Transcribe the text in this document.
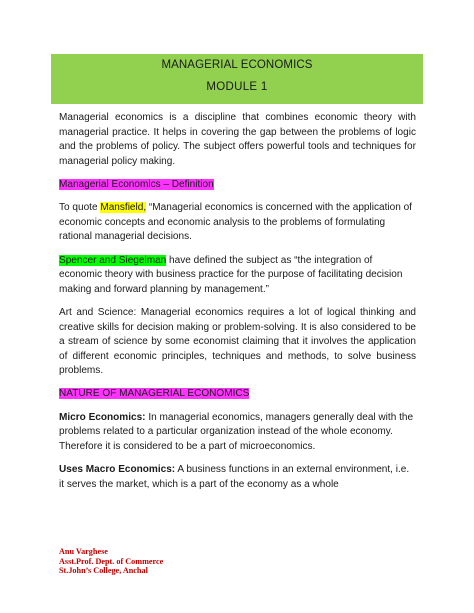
MANAGERIAL ECONOMICS
MODULE 1

Managerial economics is a discipline that combines economic theory with managerial practice. It helps in covering the gap between the problems of logic and the problems of policy. The subject offers powerful tools and techniques for managerial policy making.

Managerial Economics – Definition

To quote Mansfield, “Managerial economics is concerned with the application of economic concepts and economic analysis to the problems of formulating rational managerial decisions.

Spencer and Siegelman have defined the subject as “the integration of economic theory with business practice for the purpose of facilitating decision making and forward planning by management.”

Art and Science: Managerial economics requires a lot of logical thinking and creative skills for decision making or problem-solving. It is also considered to be a stream of science by some economist claiming that it involves the application of different economic principles, techniques and methods, to solve business problems.

NATURE OF MANAGERIAL ECONOMICS

Micro Economics: In managerial economics, managers generally deal with the problems related to a particular organization instead of the whole economy. Therefore it is considered to be a part of microeconomics.

Uses Macro Economics: A business functions in an external environment, i.e. it serves the market, which is a part of the economy as a whole

Anu Varghese
Asst.Prof. Dept. of Commerce
St.John’s College, Anchal
